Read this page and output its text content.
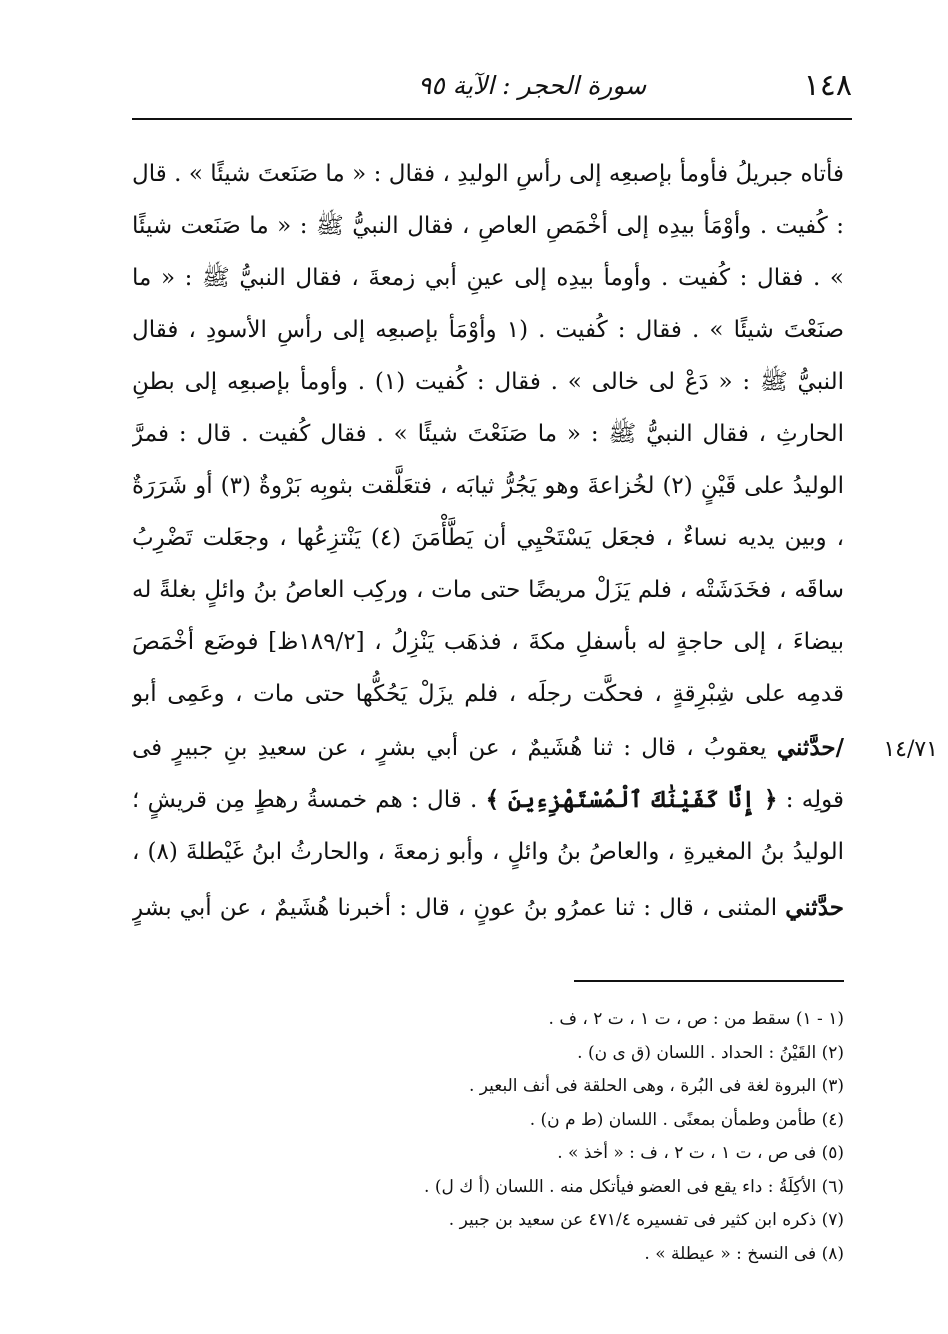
١٤٨
سورة الحجر : الآية ٩٥

فأتاه جبريلُ فأومأ بإصبعِه إلى رأسِ الوليدِ ، فقال : « ما صَنَعتَ شيئًا » . قال : كُفيت . وأوْمَأ بيدِه إلى أخْمَصِ العاصِ ، فقال النبيُّ ﷺ : « ما صَنَعت شيئًا » . فقال : كُفيت . وأومأ بيدِه إلى عينِ أبي زمعةَ ، فقال النبيُّ ﷺ : « ما صنَعْتَ شيئًا » . فقال : كُفيت . (١ وأوْمَأ بإصبعِه إلى رأسِ الأسودِ ، فقال النبيُّ ﷺ : « دَعْ لى خالى » . فقال : كُفيت (١) . وأومأ بإصبعِه إلى بطنِ الحارثِ ، فقال النبيُّ ﷺ : « ما صَنَعْتَ شيئًا » . فقال كُفيت . قال : فمرَّ الوليدُ على قَيْنٍ (٢) لخُزاعةَ وهو يَجُرُّ ثيابَه ، فتعَلَّقت بثوبِه بَرْوةٌ (٣) أو شَرَرَةٌ ، وبين يديه نساءٌ ، فجعَل يَسْتَحْيِي أن يَطَّأْمَنَ (٤) يَنْتزِعُها ، وجعَلت تَضْرِبُ ساقَه ، فخَدَشَتْه ، فلم يَزَلْ مريضًا حتى مات ، وركِب العاصُ بنُ وائلٍ بغلةً له بيضاءَ ، إلى حاجةٍ له بأسفلِ مكةَ ، فذهَب يَنْزِلُ ، [١٨٩/٢ظ] فوضَع أخْمَصَ قدمِه على شِبْرِقةٍ ، فحكَّت رجلَه ، فلم يزَلْ يَحُكُّها حتى مات ، وعَمِى أبو

/حدَّثني يعقوبُ ، قال : ثنا هُشَيمٌ ، عن أبي بشرٍ ، عن سعيدِ بنِ جبيرٍ فى قولِه : ﴿ إِنَّا كَفَيْنَٰكَ ٱلْمُسْتَهْزِءِينَ ﴾ . قال : هم خمسةُ رهطٍ مِن قريشٍ ؛ الوليدُ بنُ المغيرةِ ، والعاصُ بنُ وائلٍ ، وأبو زمعةَ ، والحارثُ ابنُ غَيْطلةَ (٨) ،

حدَّثني المثنى ، قال : ثنا عمرُو بنُ عونٍ ، قال : أخبرنا هُشَيمٌ ، عن أبي بشرٍ

١٤/٧١
(١ - ١) سقط من : ص ، ت ١ ، ت ٢ ، ف .
(٢) القَيْنُ : الحداد . اللسان (ق ى ن) .
(٣) البروة لغة فى البُرة ، وهى الحلقة فى أنف البعير .
(٤) طأمن وطمأن بمعنًى . اللسان (ط م ن) .
(٥) فى ص ، ت ١ ، ت ٢ ، ف : « أخذ » .
(٦) الأكِلَةُ : داء يقع فى العضو فيأتكل منه . اللسان (أ ك ل) .
(٧) ذكره ابن كثير فى تفسيره ٤٧١/٤ عن سعيد بن جبير .
(٨) فى النسخ : « عيطلة » .
